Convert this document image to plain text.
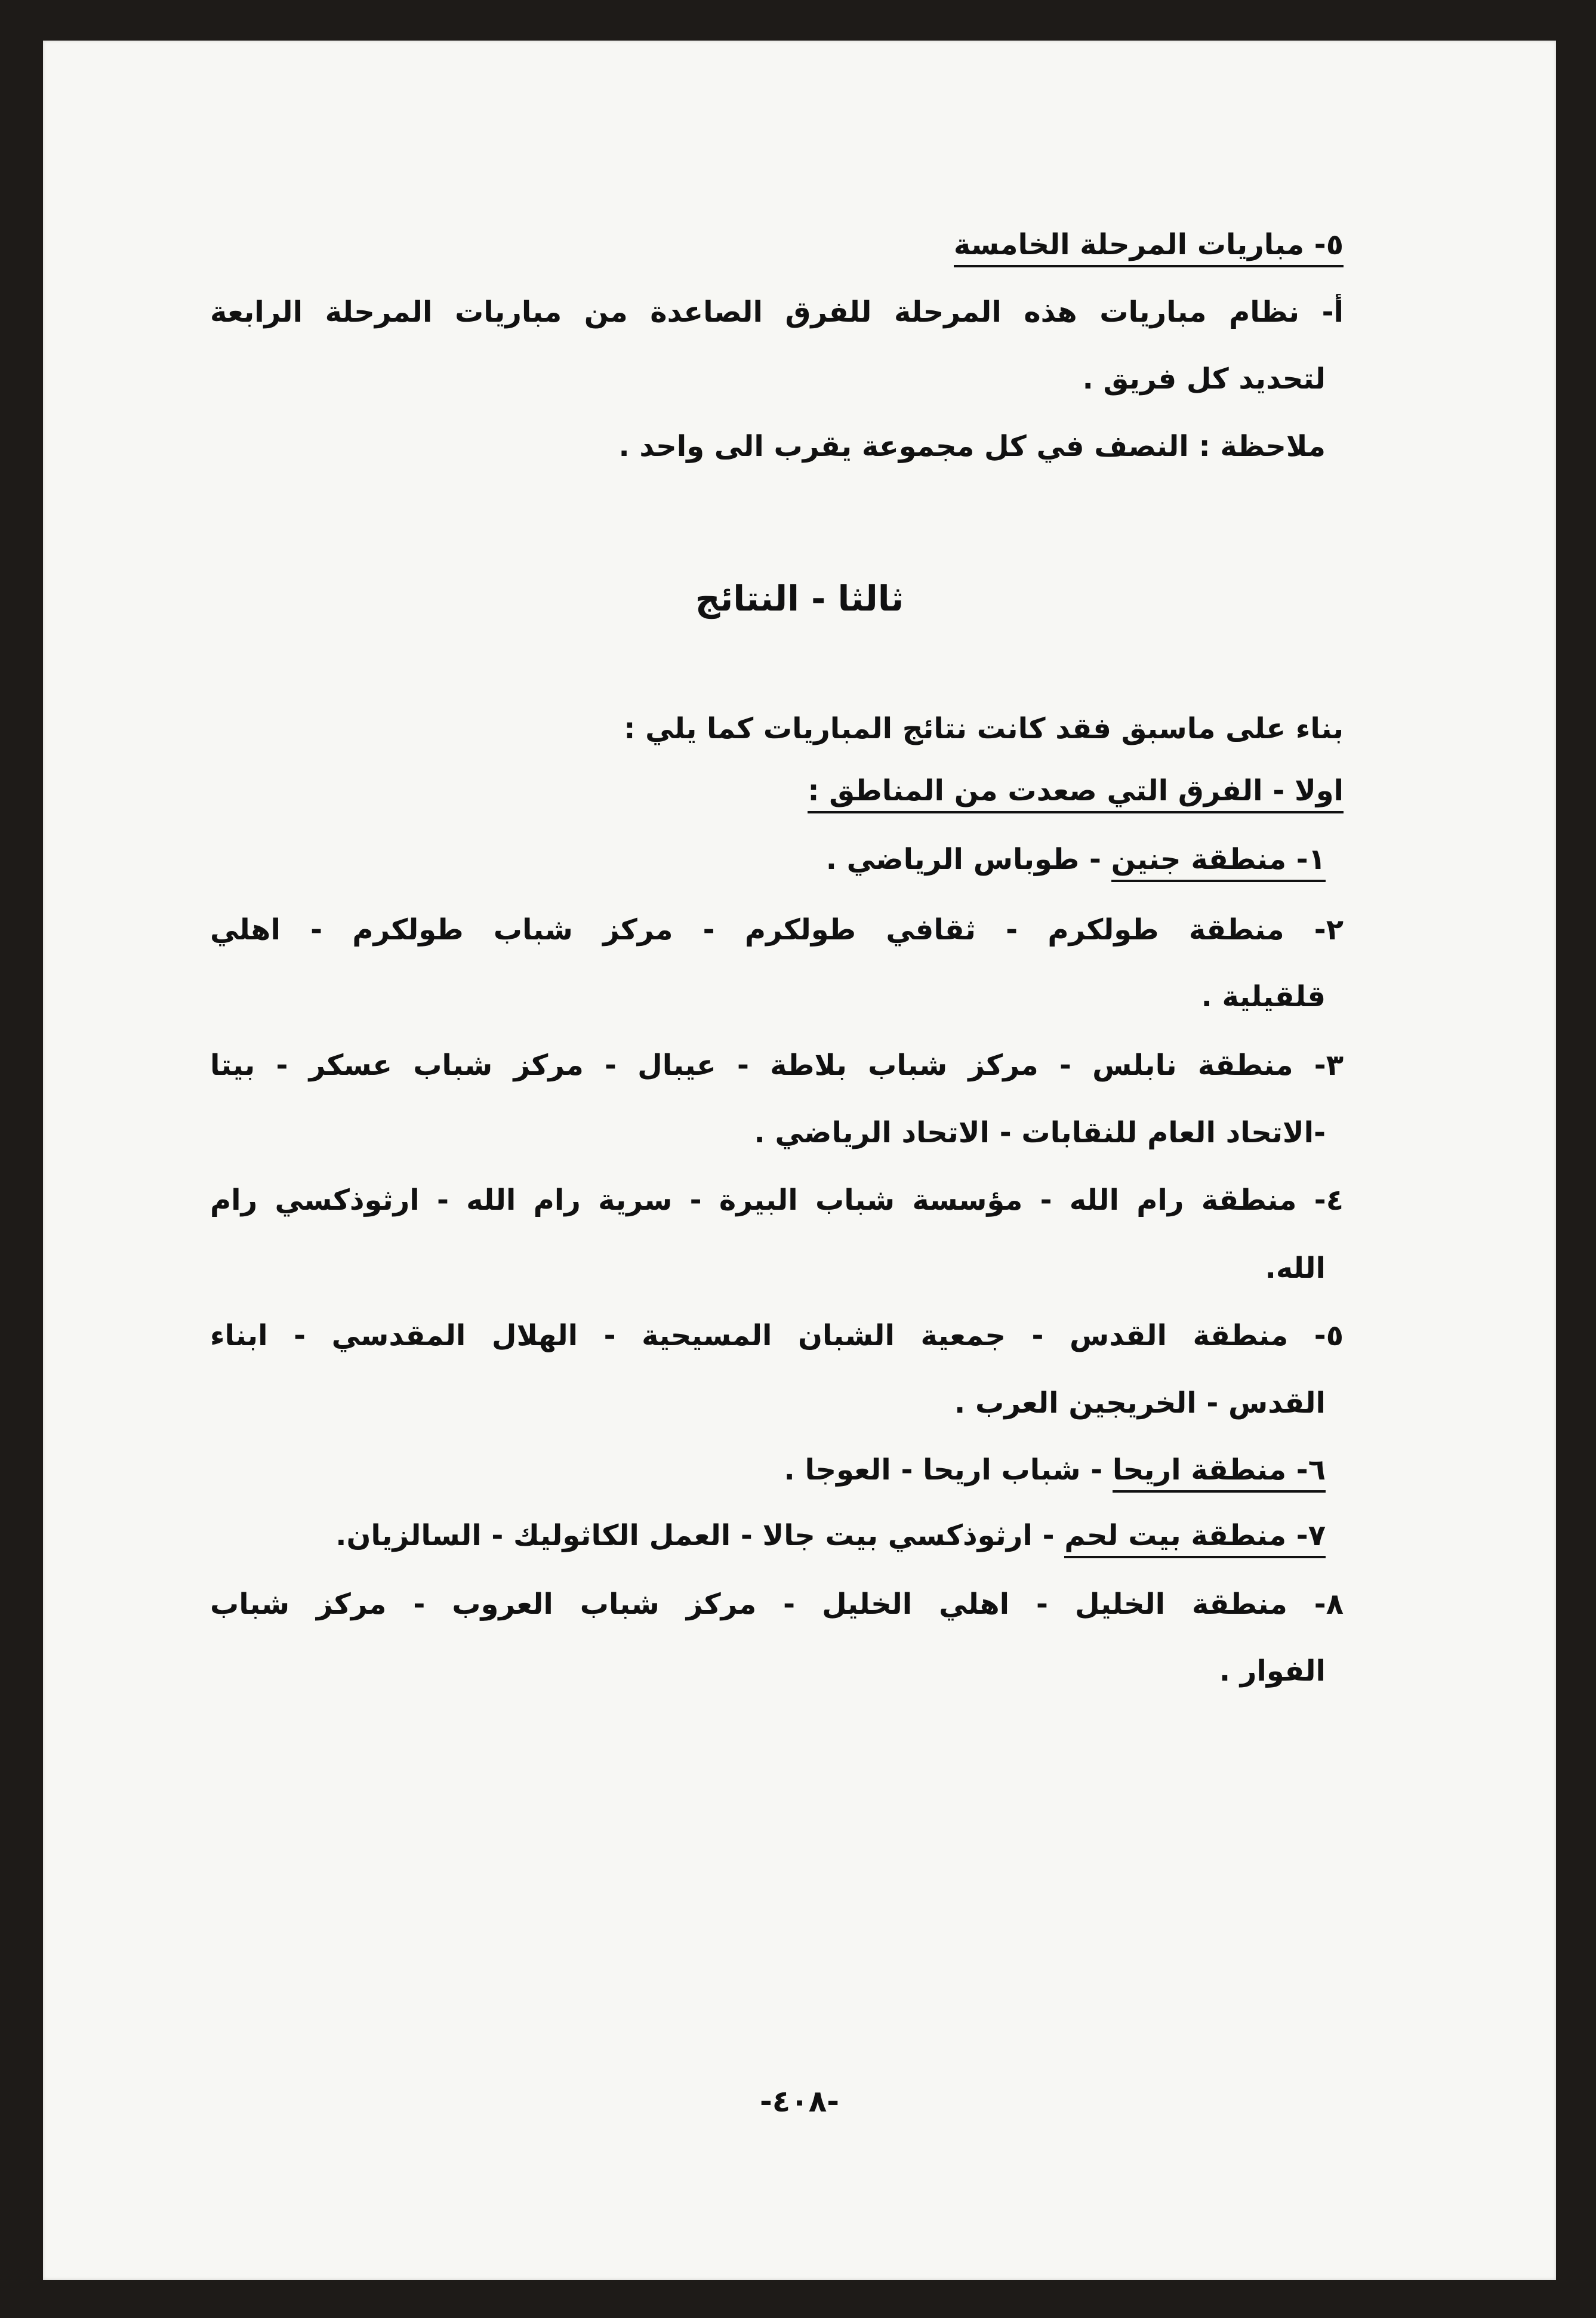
٥- مباريات المرحلة الخامسة
أ- نظام مباريات هذه المرحلة للفرق الصاعدة من مباريات المرحلة الرابعة
لتحديد كل فريق .
ملاحظة : النصف في كل مجموعة يقرب الى واحد .
ثالثا - النتائج
بناء على ماسبق فقد كانت نتائج المباريات كما يلي :
اولا - الفرق التي صعدت من المناطق :
١- منطقة جنين - طوباس الرياضي .
٢- منطقة طولكرم - ثقافي طولكرم - مركز شباب طولكرم - اهلي
قلقيلية .
٣- منطقة نابلس - مركز شباب بلاطة - عيبال - مركز شباب عسكر - بيتا
-الاتحاد العام للنقابات - الاتحاد الرياضي .
٤- منطقة رام الله - مؤسسة شباب البيرة - سرية رام الله - ارثوذكسي رام
الله.
٥- منطقة القدس - جمعية الشبان المسيحية - الهلال المقدسي - ابناء
القدس - الخريجين العرب .
٦- منطقة اريحا - شباب اريحا - العوجا .
٧- منطقة بيت لحم - ارثوذكسي بيت جالا - العمل الكاثوليك - السالزيان.
٨- منطقة الخليل - اهلي الخليل - مركز شباب العروب - مركز شباب
الفوار .
-٤٠٨-
